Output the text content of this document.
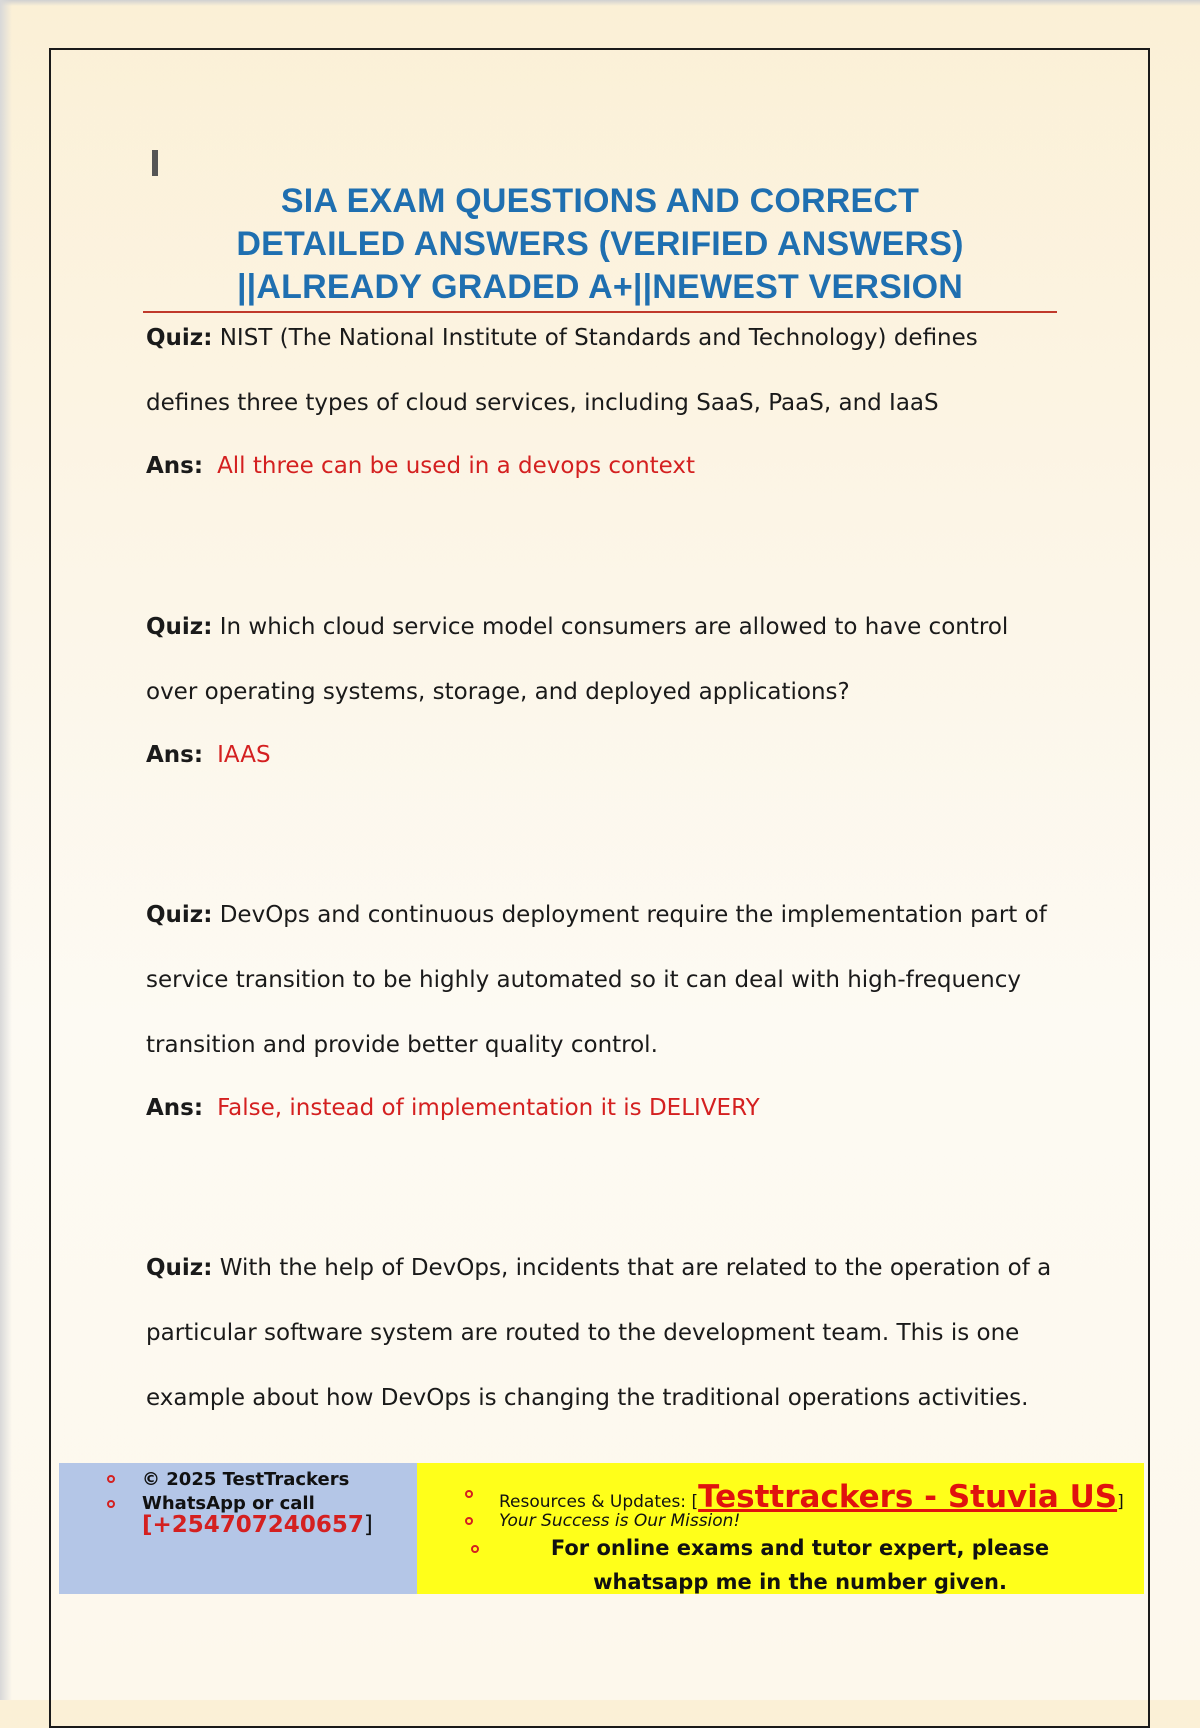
SIA EXAM QUESTIONS AND CORRECT
DETAILED ANSWERS (VERIFIED ANSWERS)
||ALREADY GRADED A+||NEWEST VERSION

Quiz: NIST (The National Institute of Standards and Technology) defines defines three types of cloud services, including SaaS, PaaS, and IaaS

Ans: All three can be used in a devops context

Quiz: In which cloud service model consumers are allowed to have control over operating systems, storage, and deployed applications?

Ans: IAAS

Quiz: DevOps and continuous deployment require the implementation part of service transition to be highly automated so it can deal with high-frequency transition and provide better quality control.

Ans: False, instead of implementation it is DELIVERY

Quiz: With the help of DevOps, incidents that are related to the operation of a particular software system are routed to the development team. This is one example about how DevOps is changing the traditional operations activities.

© 2025 TestTrackers
WhatsApp or call
[+254707240657]
Resources & Updates: [Testtrackers - Stuvia US]
Your Success is Our Mission!
For online exams and tutor expert, please whatsapp me in the number given.
